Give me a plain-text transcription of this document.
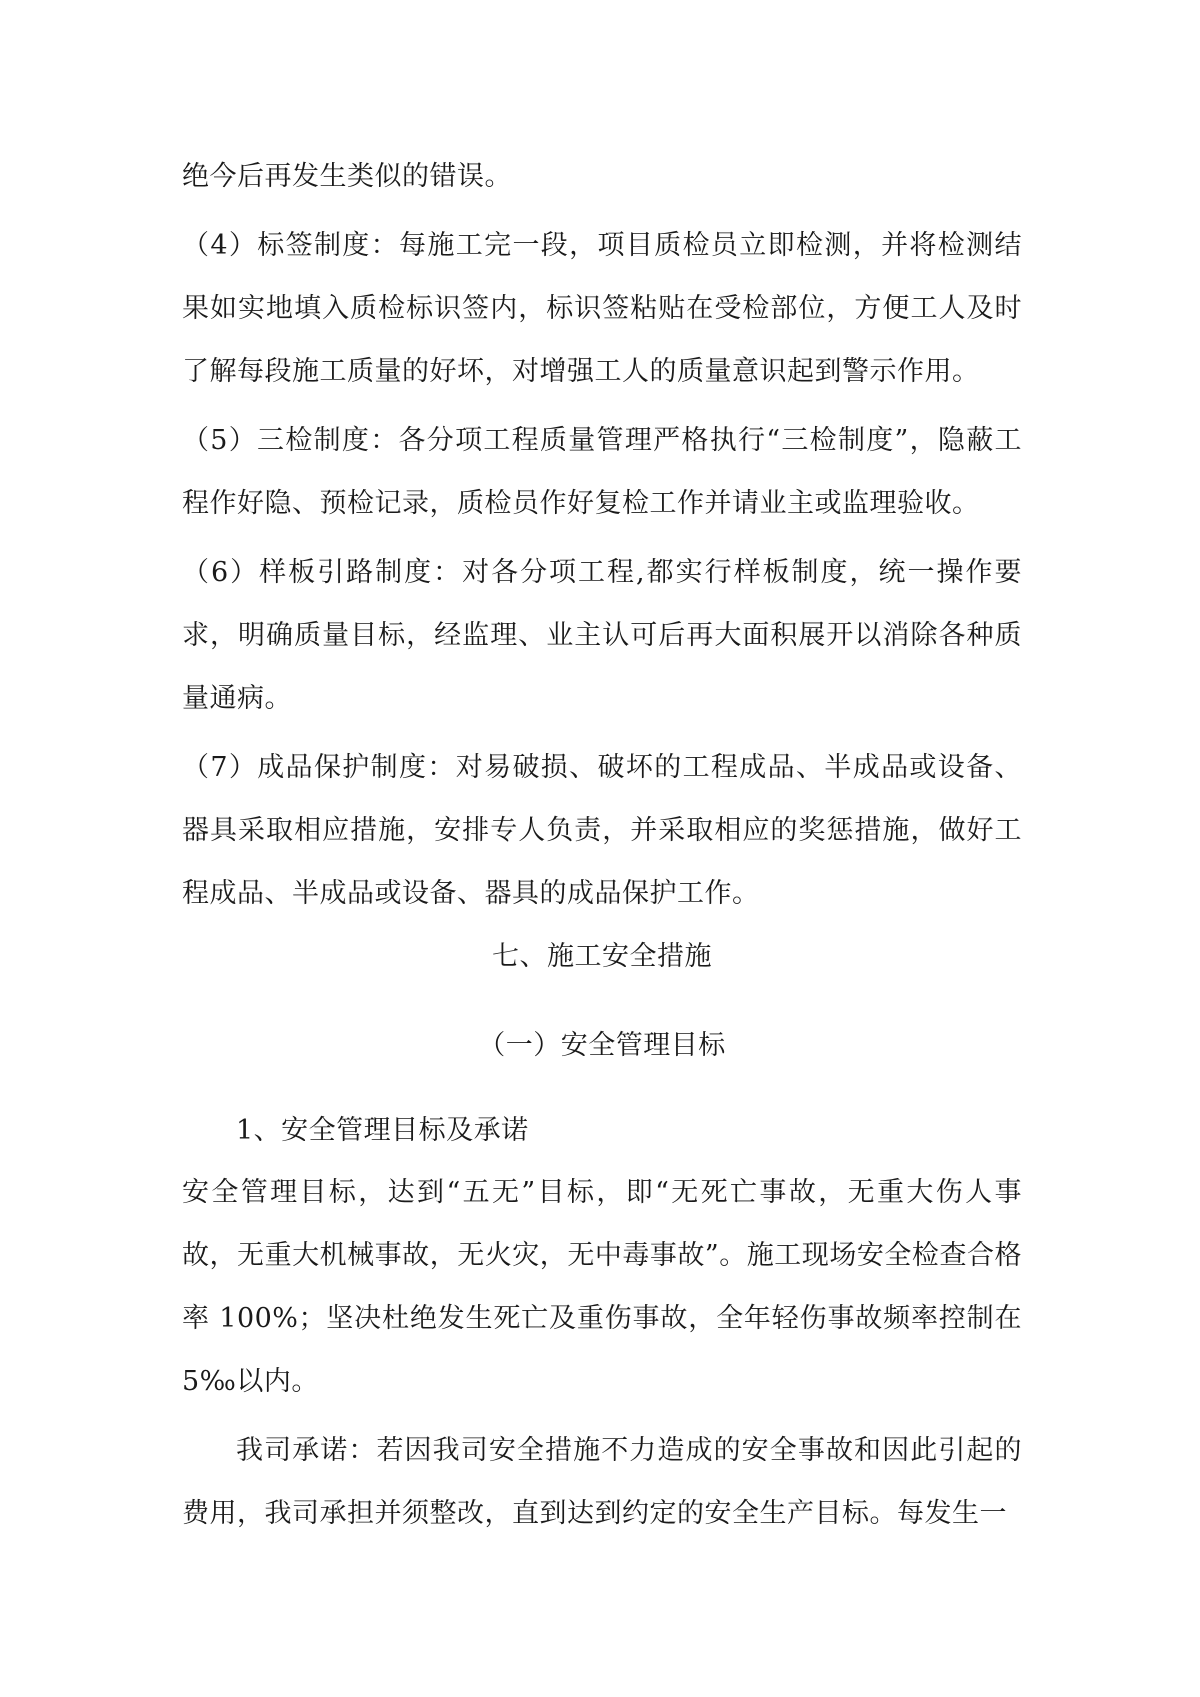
绝今后再发生类似的错误。

（4）标签制度：每施工完一段，项目质检员立即检测，并将检测结果如实地填入质检标识签内，标识签粘贴在受检部位，方便工人及时了解每段施工质量的好坏，对增强工人的质量意识起到警示作用。

（5）三检制度：各分项工程质量管理严格执行“三检制度”，隐蔽工程作好隐、预检记录，质检员作好复检工作并请业主或监理验收。

（6）样板引路制度：对各分项工程,都实行样板制度，统一操作要求，明确质量目标，经监理、业主认可后再大面积展开以消除各种质量通病。

（7）成品保护制度：对易破损、破坏的工程成品、半成品或设备、器具采取相应措施，安排专人负责，并采取相应的奖惩措施，做好工程成品、半成品或设备、器具的成品保护工作。

七、施工安全措施

（一）安全管理目标

1、安全管理目标及承诺

安全管理目标，达到“五无”目标，即“无死亡事故，无重大伤人事故，无重大机械事故，无火灾，无中毒事故”。施工现场安全检查合格率 100%；坚决杜绝发生死亡及重伤事故，全年轻伤事故频率控制在 5‰以内。

我司承诺：若因我司安全措施不力造成的安全事故和因此引起的费用，我司承担并须整改，直到达到约定的安全生产目标。每发生一
